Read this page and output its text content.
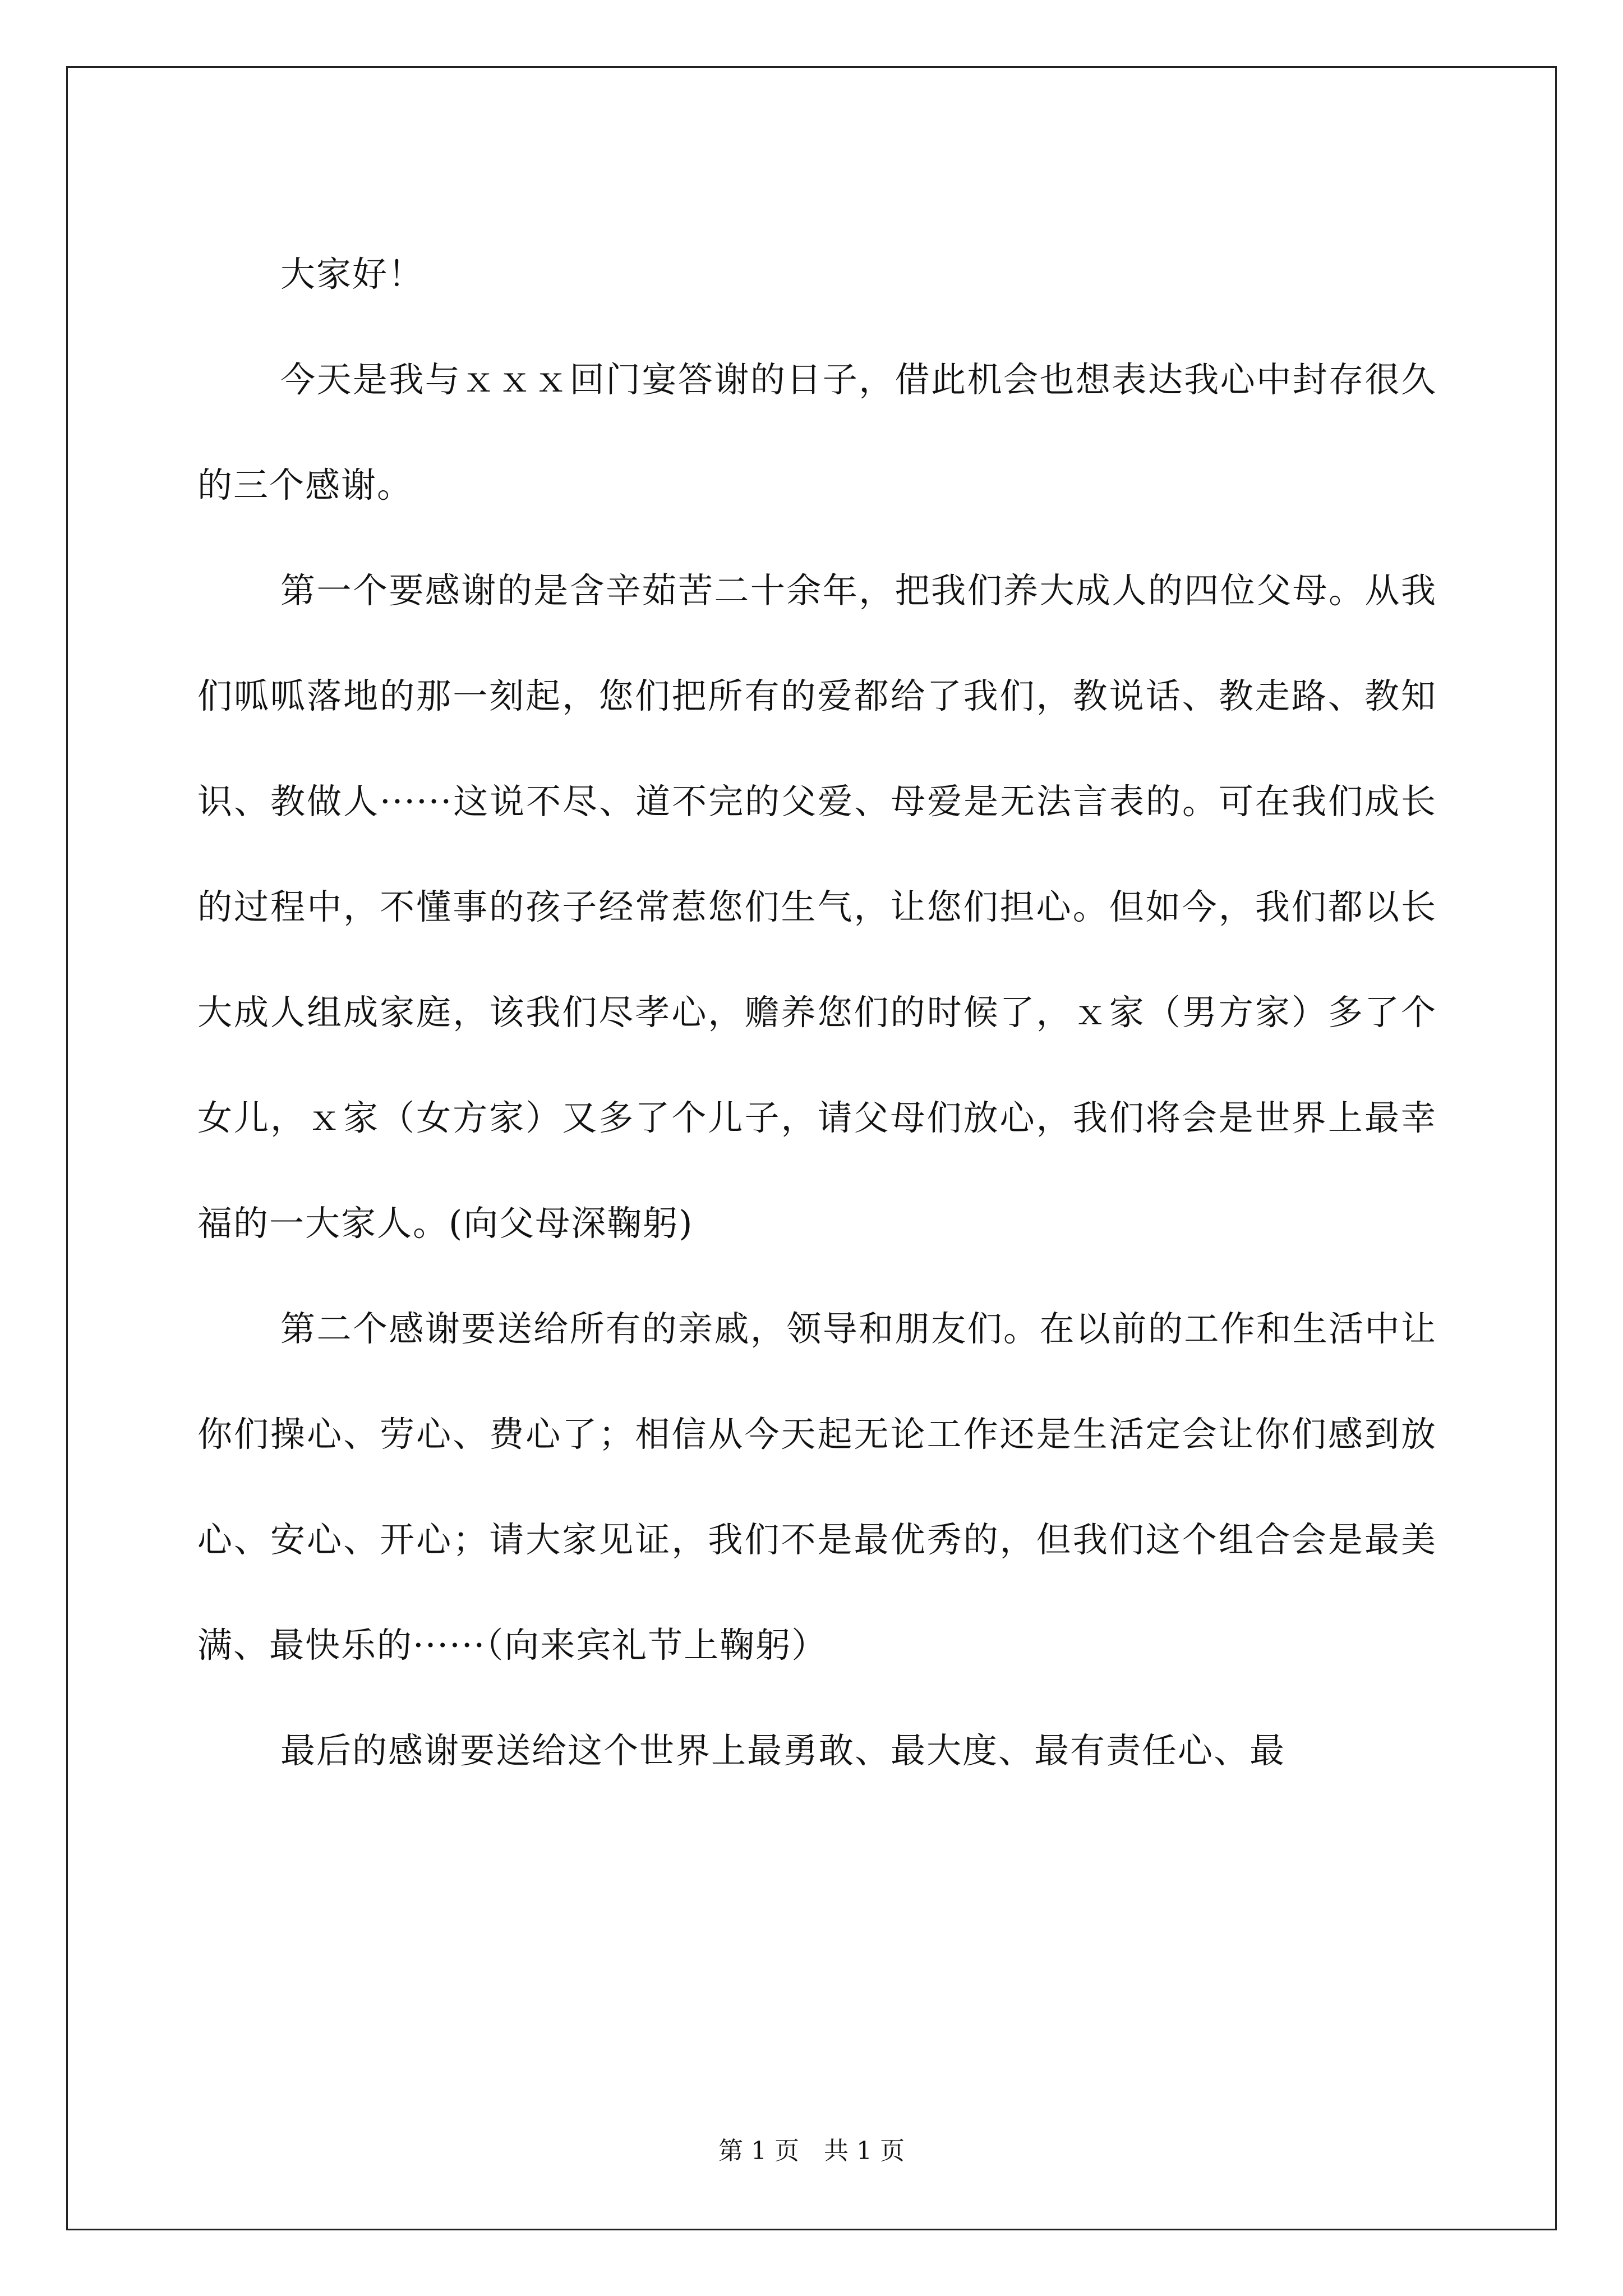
大家好！

今天是我与ｘｘｘ回门宴答谢的日子，借此机会也想表达我心中封存很久的三个感谢。

第一个要感谢的是含辛茹苦二十余年，把我们养大成人的四位父母。从我们呱呱落地的那一刻起，您们把所有的爱都给了我们，教说话、教走路、教知识、教做人······这说不尽、道不完的父爱、母爱是无法言表的。可在我们成长的过程中，不懂事的孩子经常惹您们生气，让您们担心。但如今，我们都以长大成人组成家庭，该我们尽孝心，赡养您们的时候了，ｘ家（男方家）多了个女儿，ｘ家（女方家）又多了个儿子，请父母们放心，我们将会是世界上最幸福的一大家人。(向父母深鞠躬)

第二个感谢要送给所有的亲戚，领导和朋友们。在以前的工作和生活中让你们操心、劳心、费心了；相信从今天起无论工作还是生活定会让你们感到放心、安心、开心；请大家见证，我们不是最优秀的，但我们这个组合会是最美满、最快乐的······（向来宾礼节上鞠躬）

最后的感谢要送给这个世界上最勇敢、最大度、最有责任心、最

第 1 页　共 1 页
